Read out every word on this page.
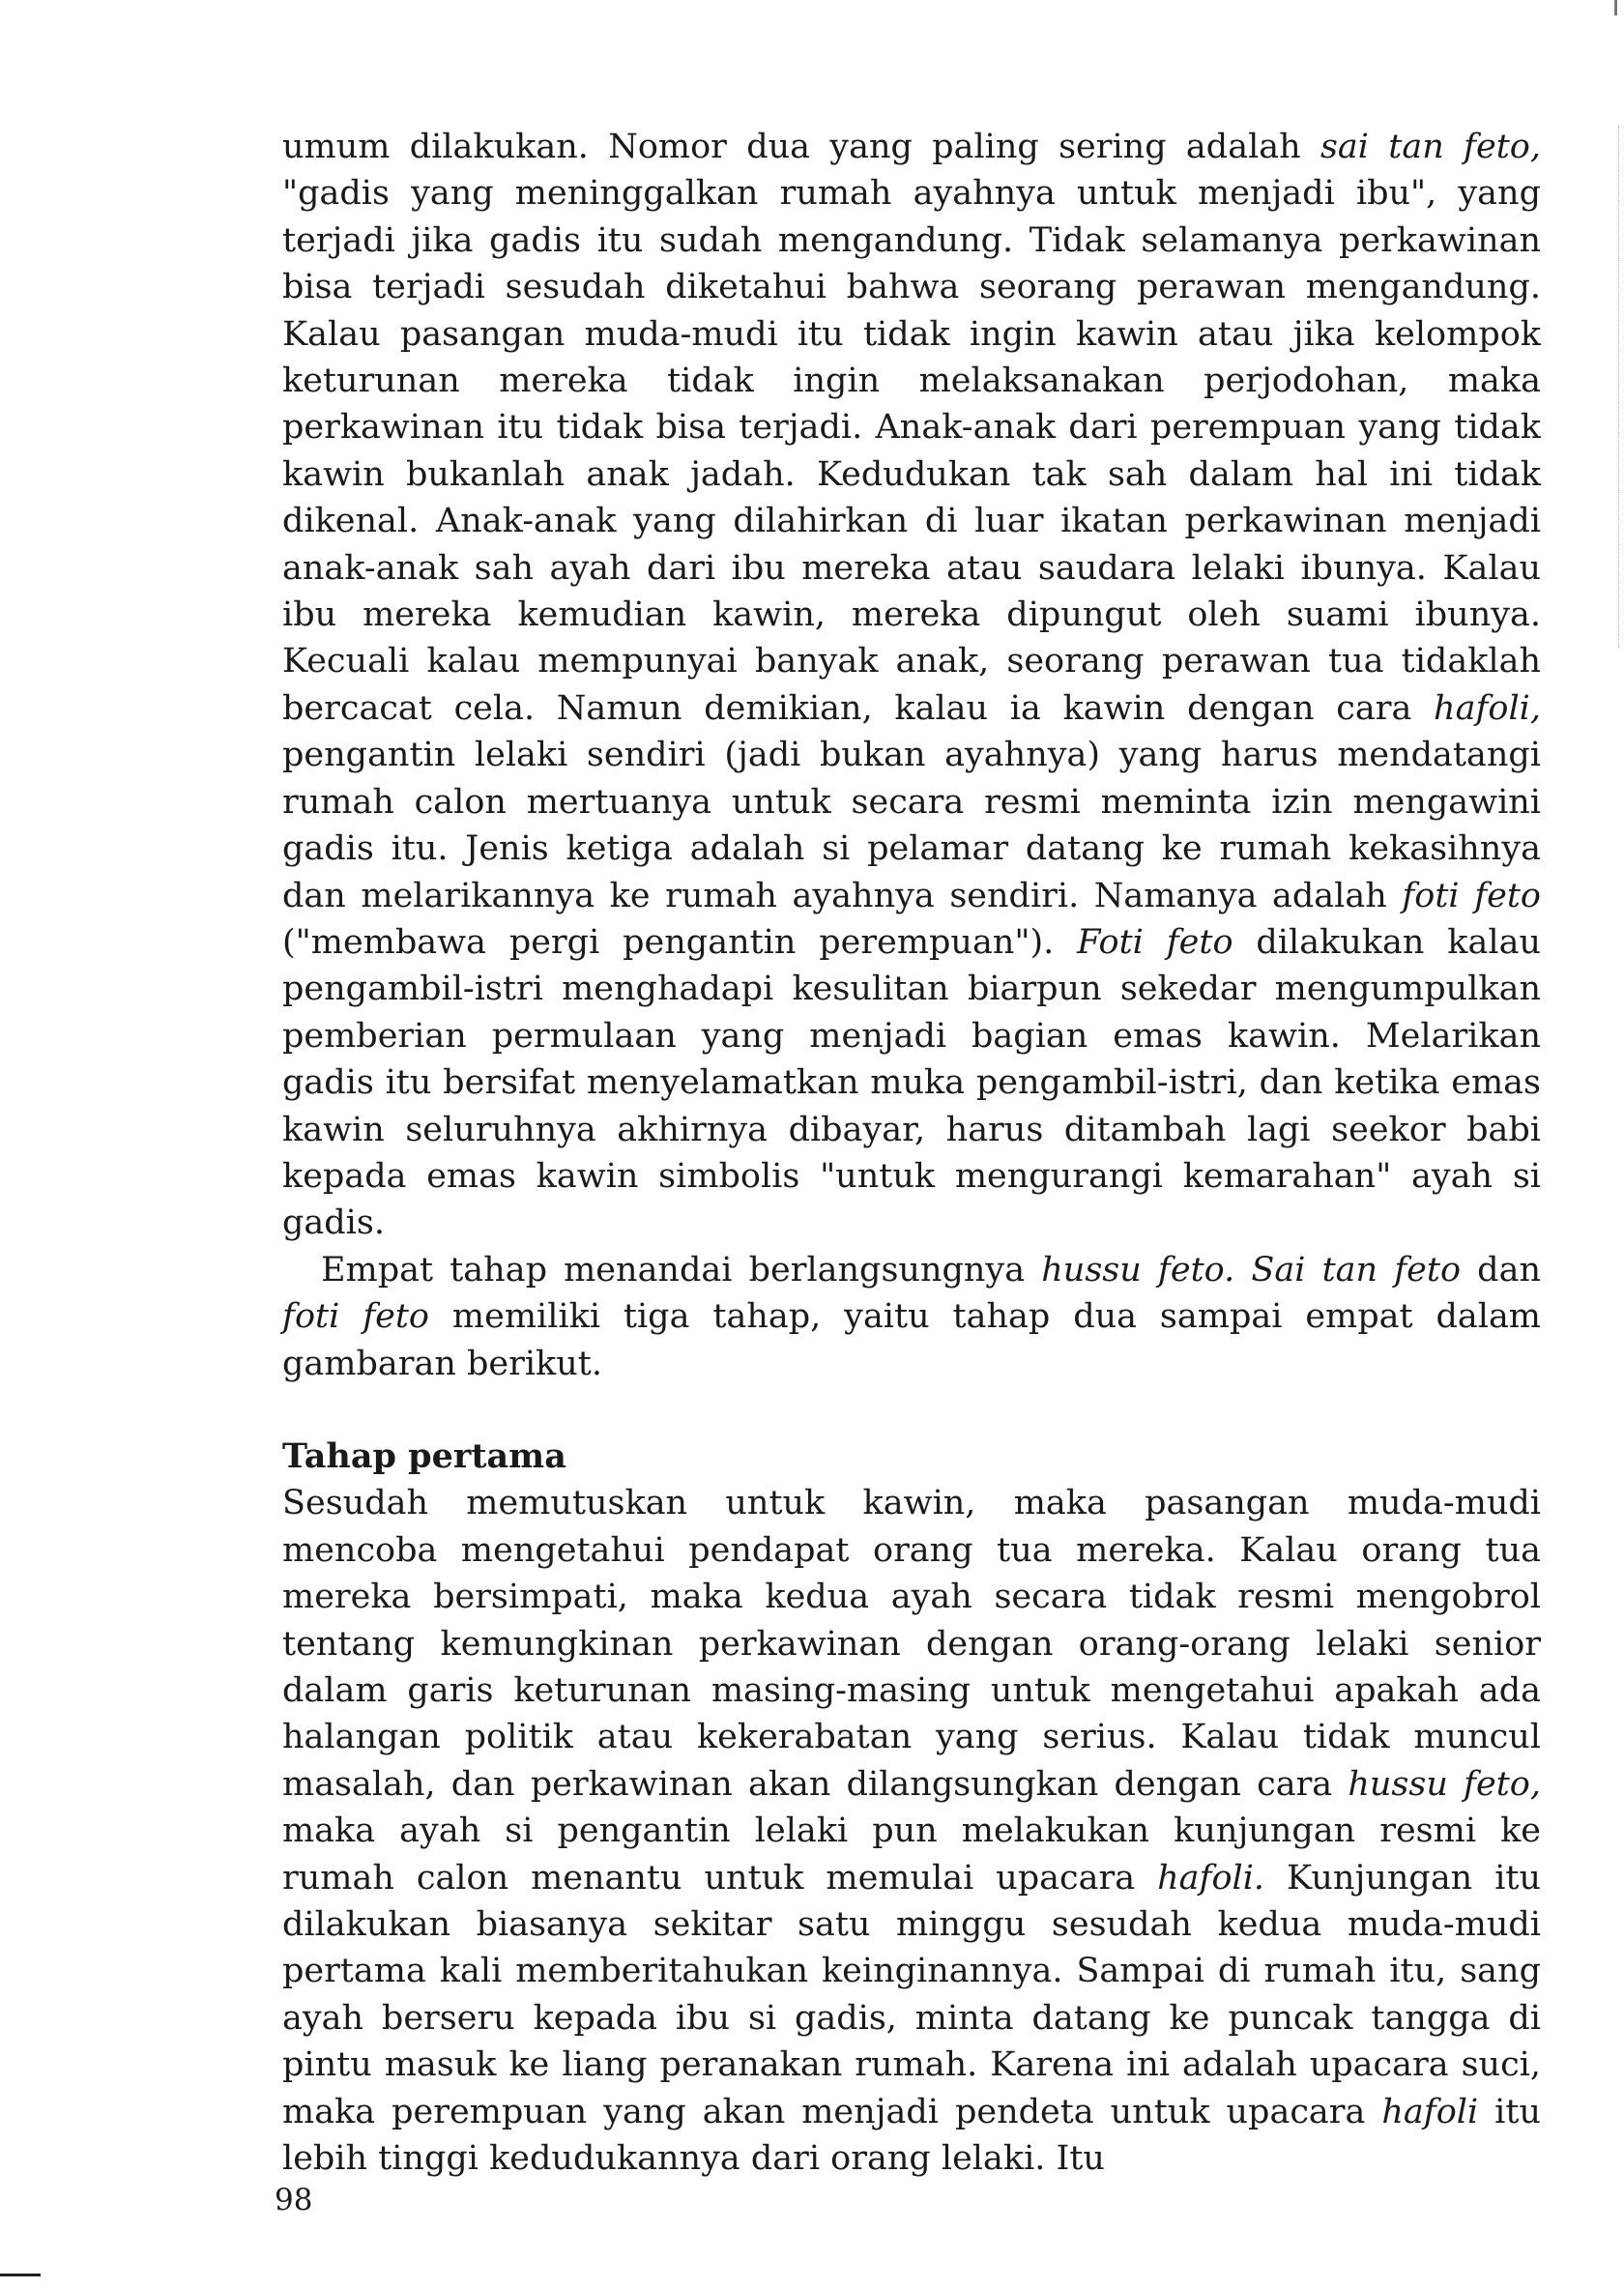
umum dilakukan. Nomor dua yang paling sering adalah sai tan feto, "gadis yang meninggalkan rumah ayahnya untuk menjadi ibu", yang terjadi jika gadis itu sudah mengandung. Tidak selamanya perkawinan bisa terjadi sesudah diketahui bahwa seorang perawan mengandung. Kalau pasangan muda-mudi itu tidak ingin kawin atau jika kelompok keturunan mereka tidak ingin melaksanakan perjodohan, maka perkawinan itu tidak bisa terjadi. Anak-anak dari perempuan yang tidak kawin bukanlah anak jadah. Kedudukan tak sah dalam hal ini tidak dikenal. Anak-anak yang dilahirkan di luar ikatan perkawinan menjadi anak-anak sah ayah dari ibu mereka atau saudara lelaki ibunya. Kalau ibu mereka kemudian kawin, mereka dipungut oleh suami ibunya. Kecuali kalau mempunyai banyak anak, seorang perawan tua tidaklah bercacat cela. Namun demikian, kalau ia kawin dengan cara hafoli, pengantin lelaki sendiri (jadi bukan ayahnya) yang harus mendatangi rumah calon mertuanya untuk secara resmi meminta izin mengawini gadis itu. Jenis ketiga adalah si pelamar datang ke rumah kekasihnya dan melarikannya ke rumah ayahnya sendiri. Namanya adalah foti feto ("membawa pergi pengantin perempuan"). Foti feto dilakukan kalau pengambil-istri menghadapi kesulitan biarpun sekedar mengumpulkan pemberian permulaan yang menjadi bagian emas kawin. Melarikan gadis itu bersifat menyelamatkan muka pengambil-istri, dan ketika emas kawin seluruhnya akhirnya dibayar, harus ditambah lagi seekor babi kepada emas kawin simbolis "untuk mengurangi kemarahan" ayah si gadis.

Empat tahap menandai berlangsungnya hussu feto. Sai tan feto dan foti feto memiliki tiga tahap, yaitu tahap dua sampai empat dalam gambaran berikut.

Tahap pertama

Sesudah memutuskan untuk kawin, maka pasangan muda-mudi mencoba mengetahui pendapat orang tua mereka. Kalau orang tua mereka bersimpati, maka kedua ayah secara tidak resmi mengobrol tentang kemungkinan perkawinan dengan orang-orang lelaki senior dalam garis keturunan masing-masing untuk mengetahui apakah ada halangan politik atau kekerabatan yang serius. Kalau tidak muncul masalah, dan perkawinan akan dilangsungkan dengan cara hussu feto, maka ayah si pengantin lelaki pun melakukan kunjungan resmi ke rumah calon menantu untuk memulai upacara hafoli. Kunjungan itu dilakukan biasanya sekitar satu minggu sesudah kedua muda-mudi pertama kali memberitahukan keinginannya. Sampai di rumah itu, sang ayah berseru kepada ibu si gadis, minta datang ke puncak tangga di pintu masuk ke liang peranakan rumah. Karena ini adalah upacara suci, maka perempuan yang akan menjadi pendeta untuk upacara hafoli itu lebih tinggi kedudukannya dari orang lelaki. Itu

98
